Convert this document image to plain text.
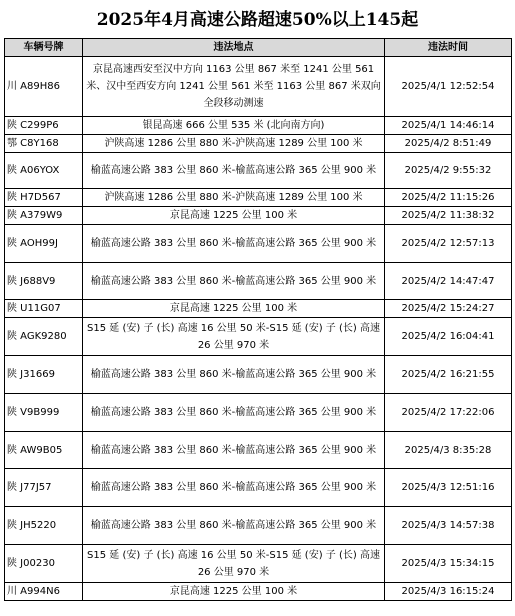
2025年4月高速公路超速50%以上145起
车辆号牌	违法地点	违法时间
川 A89H86	京昆高速西安至汉中方向 1163 公里 867 米至 1241 公里 561 米、汉中至西安方向 1241 公里 561 米至 1163 公里 867 米双向全段移动测速	2025/4/1 12:52:54
陕 C299P6	银昆高速 666 公里 535 米 (北向南方向)	2025/4/1 14:46:14
鄂 C8Y168	沪陕高速 1286 公里 880 米-沪陕高速 1289 公里 100 米	2025/4/2 8:51:49
陕 A06YOX	榆蓝高速公路 383 公里 860 米-榆蓝高速公路 365 公里 900 米	2025/4/2 9:55:32
陕 H7D567	沪陕高速 1286 公里 880 米-沪陕高速 1289 公里 100 米	2025/4/2 11:15:26
陕 A379W9	京昆高速 1225 公里 100 米	2025/4/2 11:38:32
陕 AOH99J	榆蓝高速公路 383 公里 860 米-榆蓝高速公路 365 公里 900 米	2025/4/2 12:57:13
陕 J688V9	榆蓝高速公路 383 公里 860 米-榆蓝高速公路 365 公里 900 米	2025/4/2 14:47:47
陕 U11G07	京昆高速 1225 公里 100 米	2025/4/2 15:24:27
陕 AGK9280	S15 延 (安) 子 (长) 高速 16 公里 50 米-S15 延 (安) 子 (长) 高速 26 公里 970 米	2025/4/2 16:04:41
陕 J31669	榆蓝高速公路 383 公里 860 米-榆蓝高速公路 365 公里 900 米	2025/4/2 16:21:55
陕 V9B999	榆蓝高速公路 383 公里 860 米-榆蓝高速公路 365 公里 900 米	2025/4/2 17:22:06
陕 AW9B05	榆蓝高速公路 383 公里 860 米-榆蓝高速公路 365 公里 900 米	2025/4/3 8:35:28
陕 J77J57	榆蓝高速公路 383 公里 860 米-榆蓝高速公路 365 公里 900 米	2025/4/3 12:51:16
陕 JH5220	榆蓝高速公路 383 公里 860 米-榆蓝高速公路 365 公里 900 米	2025/4/3 14:57:38
陕 J00230	S15 延 (安) 子 (长) 高速 16 公里 50 米-S15 延 (安) 子 (长) 高速 26 公里 970 米	2025/4/3 15:34:15
川 A994N6	京昆高速 1225 公里 100 米	2025/4/3 16:15:24
